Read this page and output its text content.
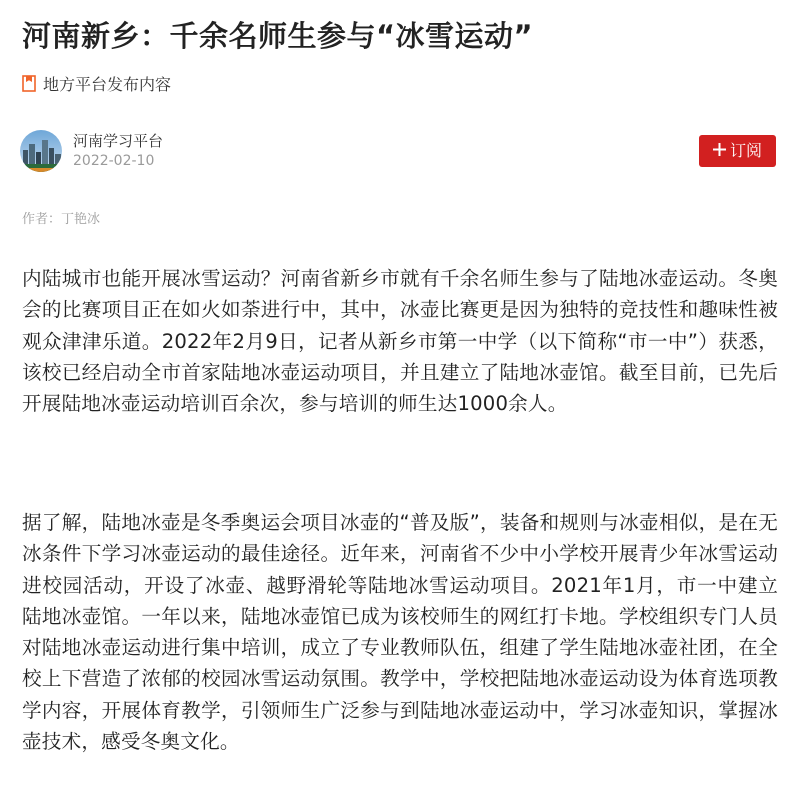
河南新乡：千余名师生参与“冰雪运动”
地方平台发布内容
河南学习平台
2022-02-10
订阅
作者：丁艳冰

内陆城市也能开展冰雪运动？河南省新乡市就有千余名师生参与了陆地冰壶运动。冬奥会的比赛项目正在如火如荼进行中，其中，冰壶比赛更是因为独特的竞技性和趣味性被观众津津乐道。2022年2月9日，记者从新乡市第一中学（以下简称“市一中”）获悉，该校已经启动全市首家陆地冰壶运动项目，并且建立了陆地冰壶馆。截至目前，已先后开展陆地冰壶运动培训百余次，参与培训的师生达1000余人。

据了解，陆地冰壶是冬季奥运会项目冰壶的“普及版”，装备和规则与冰壶相似，是在无冰条件下学习冰壶运动的最佳途径。近年来，河南省不少中小学校开展青少年冰雪运动进校园活动，开设了冰壶、越野滑轮等陆地冰雪运动项目。2021年1月，市一中建立陆地冰壶馆。一年以来，陆地冰壶馆已成为该校师生的网红打卡地。学校组织专门人员对陆地冰壶运动进行集中培训，成立了专业教师队伍，组建了学生陆地冰壶社团，在全校上下营造了浓郁的校园冰雪运动氛围。教学中，学校把陆地冰壶运动设为体育选项教学内容，开展体育教学，引领师生广泛参与到陆地冰壶运动中，学习冰壶知识，掌握冰壶技术，感受冬奥文化。
